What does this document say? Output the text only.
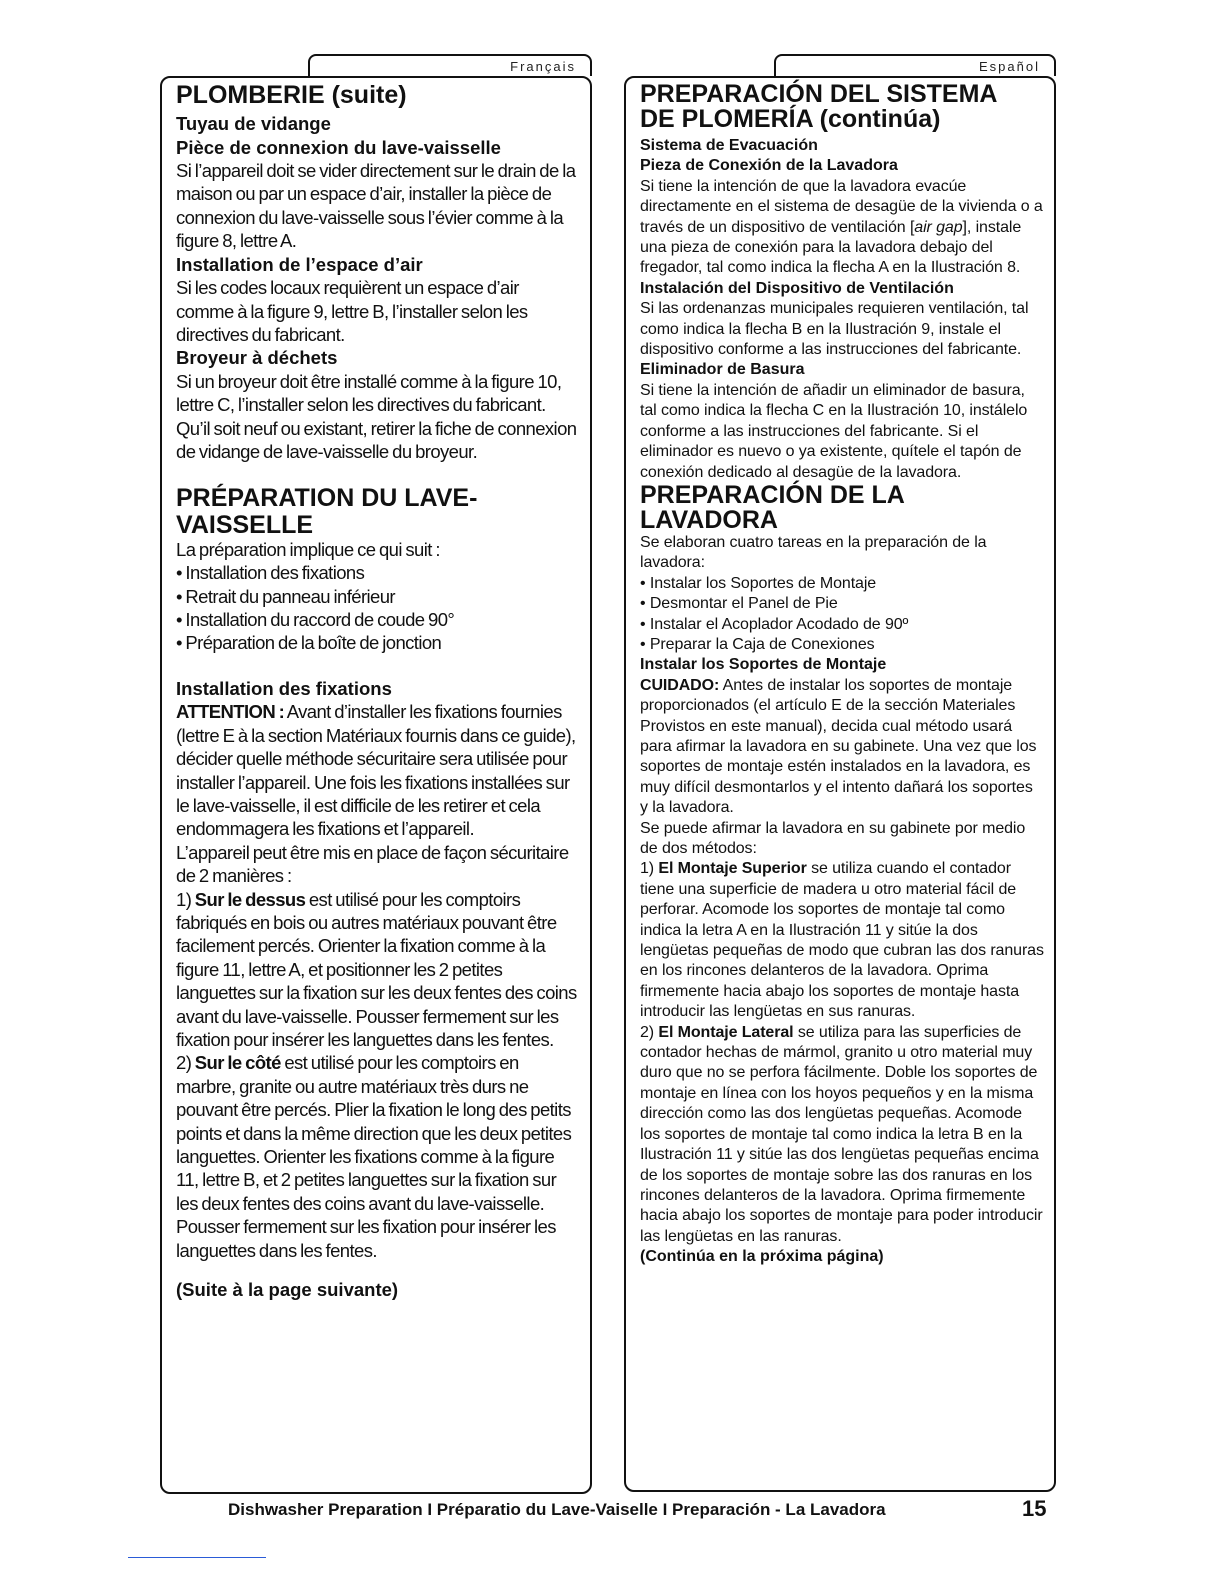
Français	Español
PLOMBERIE (suite)
Tuyau de vidange
Pièce de connexion du lave-vaisselle

Si l’appareil doit se vider directement sur le drain de la maison ou par un espace d’air, installer la pièce de connexion du lave-vaisselle sous l’évier comme à la figure 8, lettre A.

Installation de l’espace d’air

Si les codes locaux requièrent un espace d’air comme à la figure 9, lettre B, l’installer selon les directives du fabricant.

Broyeur à déchets

Si un broyeur doit être installé comme à la figure 10, lettre C, l’installer selon les directives du fabricant. Qu’il soit neuf ou existant, retirer la fiche de connexion de vidange de lave-vaisselle du broyeur.

PRÉPARATION DU LAVE-VAISSELLE

La préparation implique ce qui suit :

• Installation des fixations

• Retrait du panneau inférieur

• Installation du raccord de coude 90°

• Préparation de la boîte de jonction

Installation des fixations

ATTENTION : Avant d’installer les fixations fournies (lettre E à la section Matériaux fournis dans ce guide), décider quelle méthode sécuritaire sera utilisée pour installer l’appareil. Une fois les fixations installées sur le lave-vaisselle, il est difficile de les retirer et cela endommagera les fixations et l’appareil.

L’appareil peut être mis en place de façon sécuritaire de 2 manières :

1) Sur le dessus est utilisé pour les comptoirs fabriqués en bois ou autres matériaux pouvant être facilement percés. Orienter la fixation comme à la figure 11, lettre A, et positionner les 2 petites languettes sur la fixation sur les deux fentes des coins avant du lave-vaisselle. Pousser fermement sur les fixation pour insérer les languettes dans les fentes.

2) Sur le côté est utilisé pour les comptoirs en marbre, granite ou autre matériaux très durs ne pouvant être percés. Plier la fixation le long des petits points et dans la même direction que les deux petites languettes. Orienter les fixations comme à la figure 11, lettre B, et 2 petites languettes sur la fixation sur les deux fentes des coins avant du lave-vaisselle. Pousser fermement sur les fixation pour insérer les languettes dans les fentes.

(Suite à la page suivante)
PREPARACIÓN DEL SISTEMA
DE PLOMERÍA (continúa)
Sistema de Evacuación
Pieza de Conexión de la Lavadora

Si tiene la intención de que la lavadora evacúe directamente en el sistema de desagüe de la vivienda o a través de un dispositivo de ventilación [air gap], instale una pieza de conexión para la lavadora debajo del fregador, tal como indica la flecha A en la Ilustración 8.

Instalación del Dispositivo de Ventilación

Si las ordenanzas municipales requieren ventilación, tal como indica la flecha B en la Ilustración 9, instale el dispositivo conforme a las instrucciones del fabricante.

Eliminador de Basura

Si tiene la intención de añadir un eliminador de basura, tal como indica la flecha C en la Ilustración 10, instálelo conforme a las instrucciones del fabricante. Si el eliminador es nuevo o ya existente, quítele el tapón de conexión dedicado al desagüe de la lavadora.

PREPARACIÓN DE LA LAVADORA

Se elaboran cuatro tareas en la preparación de la lavadora:

• Instalar los Soportes de Montaje

• Desmontar el Panel de Pie

• Instalar el Acoplador Acodado de 90º

• Preparar la Caja de Conexiones

Instalar los Soportes de Montaje

CUIDADO: Antes de instalar los soportes de montaje proporcionados (el artículo E de la sección Materiales Provistos en este manual), decida cual método usará para afirmar la lavadora en su gabinete. Una vez que los soportes de montaje estén instalados en la lavadora, es muy difícil desmontarlos y el intento dañará los soportes y la lavadora.

Se puede afirmar la lavadora en su gabinete por medio de dos métodos:

1) El Montaje Superior se utiliza cuando el contador tiene una superficie de madera u otro material fácil de perforar. Acomode los soportes de montaje tal como indica la letra A en la Ilustración 11 y sitúe la dos lengüetas pequeñas de modo que cubran las dos ranuras en los rincones delanteros de la lavadora. Oprima firmemente hacia abajo los soportes de montaje hasta introducir las lengüetas en sus ranuras.

2) El Montaje Lateral se utiliza para las superficies de contador hechas de mármol, granito u otro material muy duro que no se perfora fácilmente. Doble los soportes de montaje en línea con los hoyos pequeños y en la misma dirección como las dos lengüetas pequeñas. Acomode los soportes de montaje tal como indica la letra B en la Ilustración 11 y sitúe las dos lengüetas pequeñas encima de los soportes de montaje sobre las dos ranuras en los rincones delanteros de la lavadora. Oprima firmemente hacia abajo los soportes de montaje para poder introducir las lengüetas en las ranuras.

(Continúa en la próxima página)
Dishwasher Preparation I Préparatio du Lave-Vaiselle I Preparación - La Lavadora	15
